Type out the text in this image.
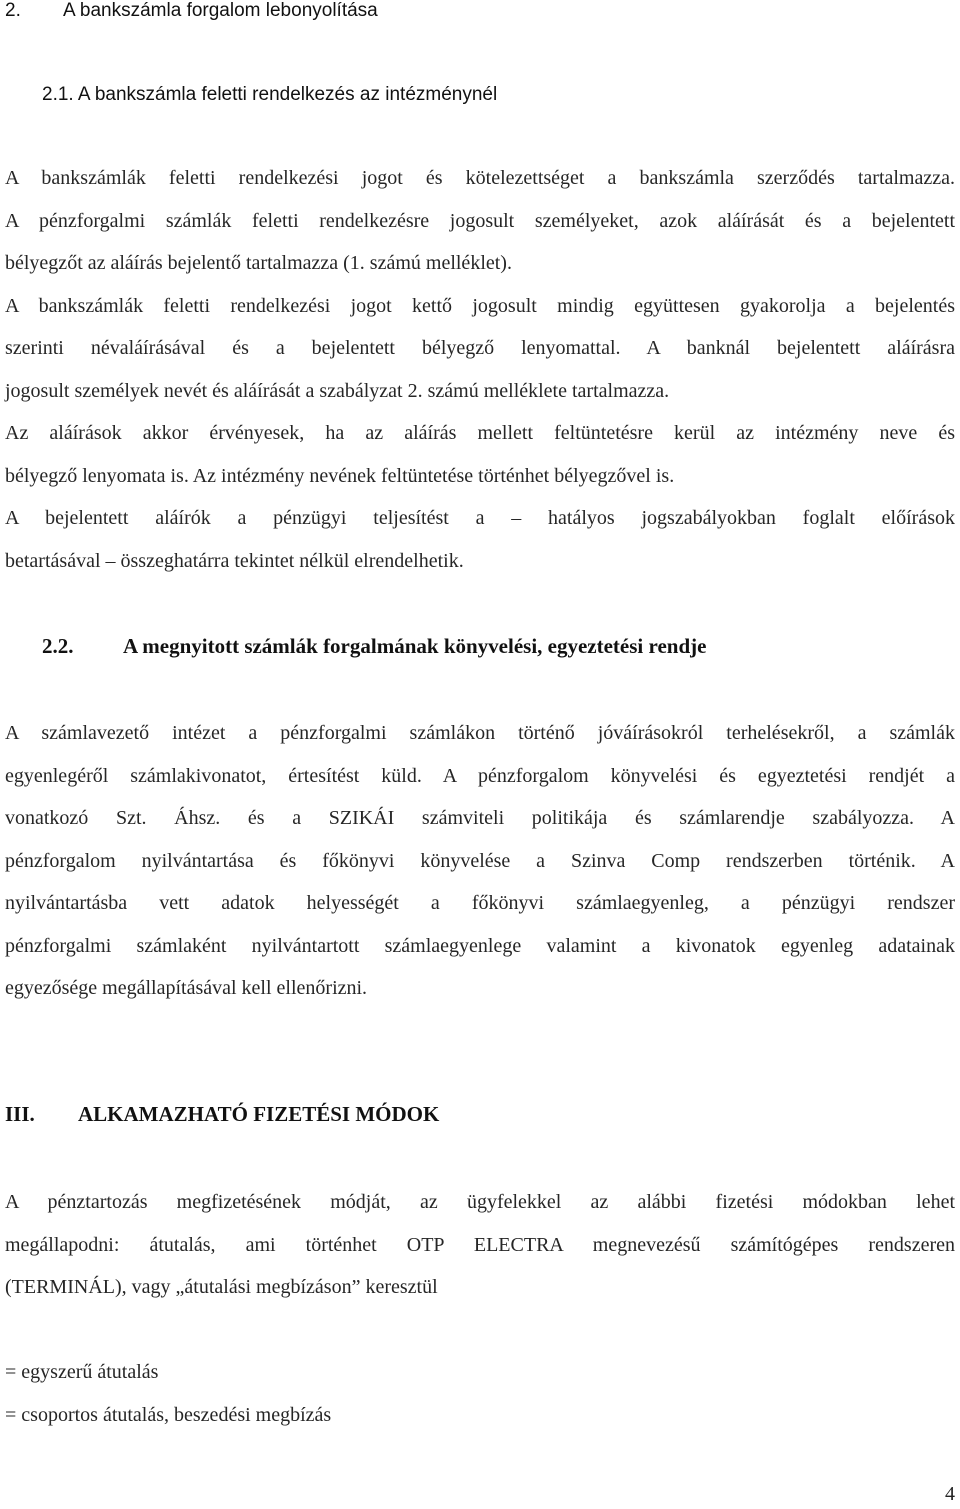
2. A bankszámla forgalom lebonyolítása
2.1. A bankszámla feletti rendelkezés az intézménynél
A bankszámlák feletti rendelkezési jogot és kötelezettséget a bankszámla szerződés tartalmazza.
A pénzforgalmi számlák feletti rendelkezésre jogosult személyeket, azok aláírását és a bejelentett
bélyegzőt az aláírás bejelentő tartalmazza (1. számú melléklet).
A bankszámlák feletti rendelkezési jogot kettő jogosult mindig együttesen gyakorolja a bejelentés
szerinti névaláírásával és a bejelentett bélyegző lenyomattal. A banknál bejelentett aláírásra
jogosult személyek nevét és aláírását a szabályzat 2. számú melléklete tartalmazza.
Az aláírások akkor érvényesek, ha az aláírás mellett feltüntetésre kerül az intézmény neve és
bélyegző lenyomata is. Az intézmény nevének feltüntetése történhet bélyegzővel is.
A bejelentett aláírók a pénzügyi teljesítést a – hatályos jogszabályokban foglalt előírások
betartásával – összeghatárra tekintet nélkül elrendelhetik.
2.2. A megnyitott számlák forgalmának könyvelési, egyeztetési rendje
A számlavezető intézet a pénzforgalmi számlákon történő jóváírásokról terhelésekről, a számlák
egyenlegéről számlakivonatot, értesítést küld. A pénzforgalom könyvelési és egyeztetési rendjét a
vonatkozó Szt. Áhsz. és a SZIKÁI számviteli politikája és számlarendje szabályozza. A
pénzforgalom nyilvántartása és főkönyvi könyvelése a Szinva Comp rendszerben történik. A
nyilvántartásba vett adatok helyességét a főkönyvi számlaegyenleg, a pénzügyi rendszer
pénzforgalmi számlaként nyilvántartott számlaegyenlege valamint a kivonatok egyenleg adatainak
egyezősége megállapításával kell ellenőrizni.
III. ALKAMAZHATÓ FIZETÉSI MÓDOK
A pénztartozás megfizetésének módját, az ügyfelekkel az alábbi fizetési módokban lehet
megállapodni: átutalás, ami történhet OTP ELECTRA megnevezésű számítógépes rendszeren
(TERMINÁL), vagy „átutalási megbízáson” keresztül
= egyszerű átutalás
= csoportos átutalás, beszedési megbízás
4
